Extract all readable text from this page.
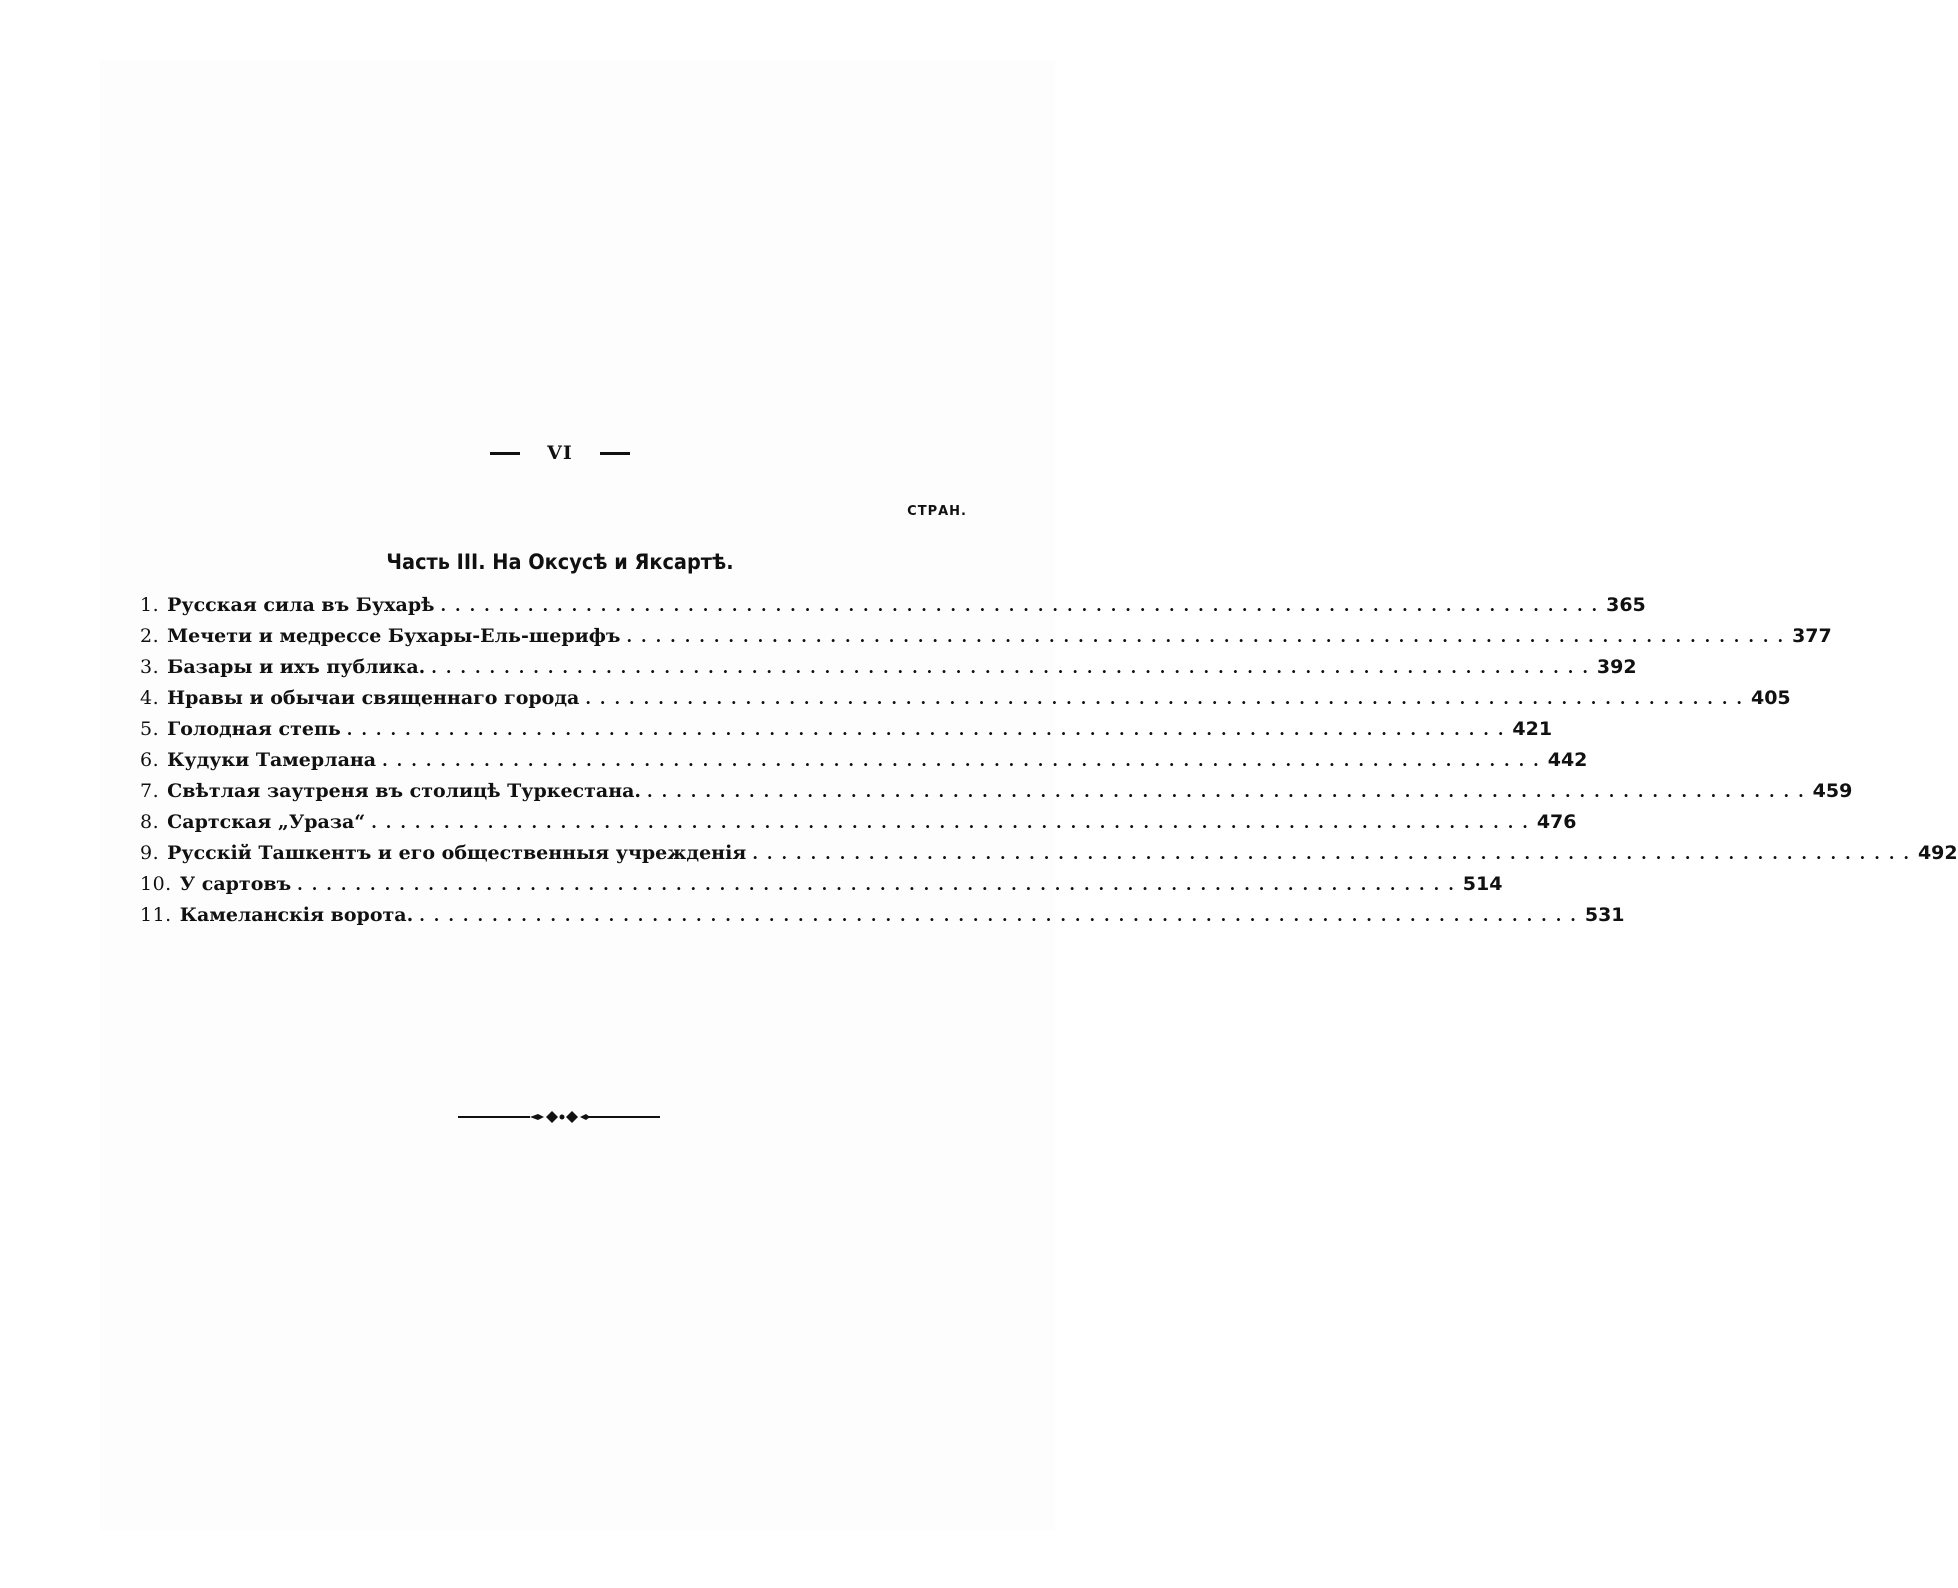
VI
СТРАН.
Часть III. На Оксусѣ и Яксартѣ.
1. Русская сила въ Бухарѣ ................................................................................ 365
2. Мечети и медрессе Бухары-Ель-шерифъ ................................................................................ 377
3. Базары и ихъ публика. ................................................................................ 392
4. Нравы и обычаи священнаго города ................................................................................ 405
5. Голодная степь ................................................................................ 421
6. Кудуки Тамерлана ................................................................................ 442
7. Свѣтлая заутреня въ столицѣ Туркестана. ................................................................................ 459
8. Сартская „Ураза“ ................................................................................ 476
9. Русскій Ташкентъ и его общественныя учрежденія ................................................................................ 492
10. У сартовъ ................................................................................ 514
11. Камеланскія ворота. ................................................................................ 531
